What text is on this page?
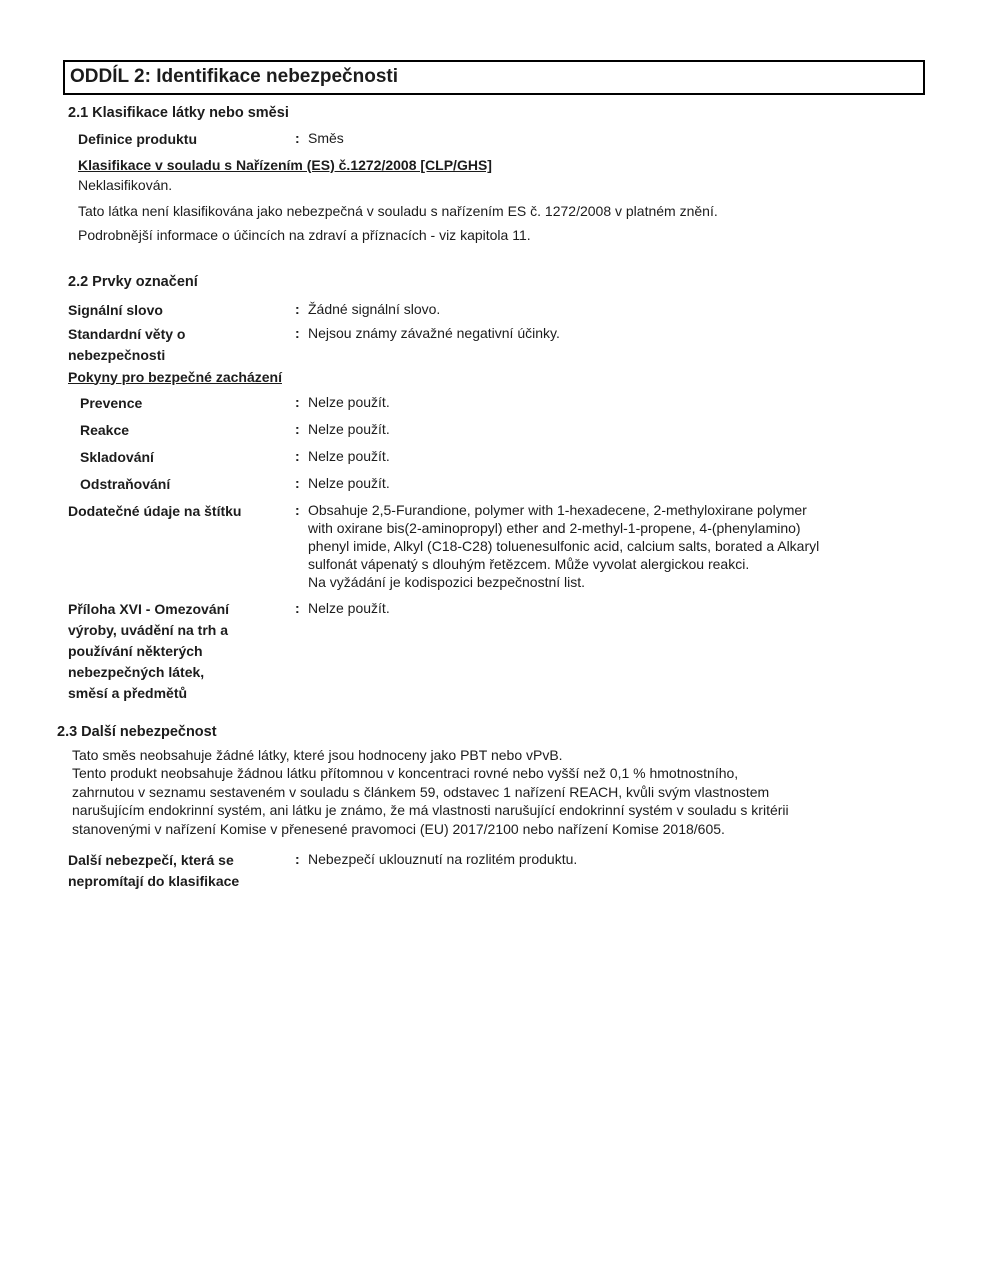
ODDÍL 2: Identifikace nebezpečnosti
2.1 Klasifikace látky nebo směsi
Definice produktu	: Směs
Klasifikace v souladu s Nařízením (ES) č.1272/2008 [CLP/GHS]
Neklasifikován.
Tato látka není klasifikována jako nebezpečná v souladu s nařízením ES č. 1272/2008 v platném znění.
Podrobnější informace o účincích na zdraví a příznacích - viz kapitola 11.
2.2 Prvky označení
Signální slovo	: Žádné signální slovo.
Standardní věty o
nebezpečnosti
: Nejsou známy závažné negativní účinky.
Pokyny pro bezpečné zacházení
Prevence	: Nelze použít.
Reakce	: Nelze použít.
Skladování	: Nelze použít.
Odstraňování	: Nelze použít.
Dodatečné údaje na štítku	: Obsahuje 2,5-Furandione, polymer with 1-hexadecene, 2-methyloxirane polymer
with oxirane bis(2-aminopropyl) ether and 2-methyl-1-propene, 4-(phenylamino)
phenyl imide, Alkyl (C18-C28) toluenesulfonic acid, calcium salts, borated a Alkaryl
sulfonát vápenatý s dlouhým řetězcem. Může vyvolat alergickou reakci.
Na vyžádání je kodispozici bezpečnostní list.
Příloha XVI - Omezování
výroby, uvádění na trh a
používání některých
nebezpečných látek,
směsí a předmětů
: Nelze použít.
2.3 Další nebezpečnost
Tato směs neobsahuje žádné látky, které jsou hodnoceny jako PBT nebo vPvB.
Tento produkt neobsahuje žádnou látku přítomnou v koncentraci rovné nebo vyšší než 0,1 % hmotnostního,
zahrnutou v seznamu sestaveném v souladu s článkem 59, odstavec 1 nařízení REACH, kvůli svým vlastnostem
narušujícím endokrinní systém, ani látku je známo, že má vlastnosti narušující endokrinní systém v souladu s kritérii
stanovenými v nařízení Komise v přenesené pravomoci (EU) 2017/2100 nebo nařízení Komise 2018/605.
Další nebezpečí, která se
nepromítají do klasifikace
: Nebezpečí uklouznutí na rozlitém produktu.
